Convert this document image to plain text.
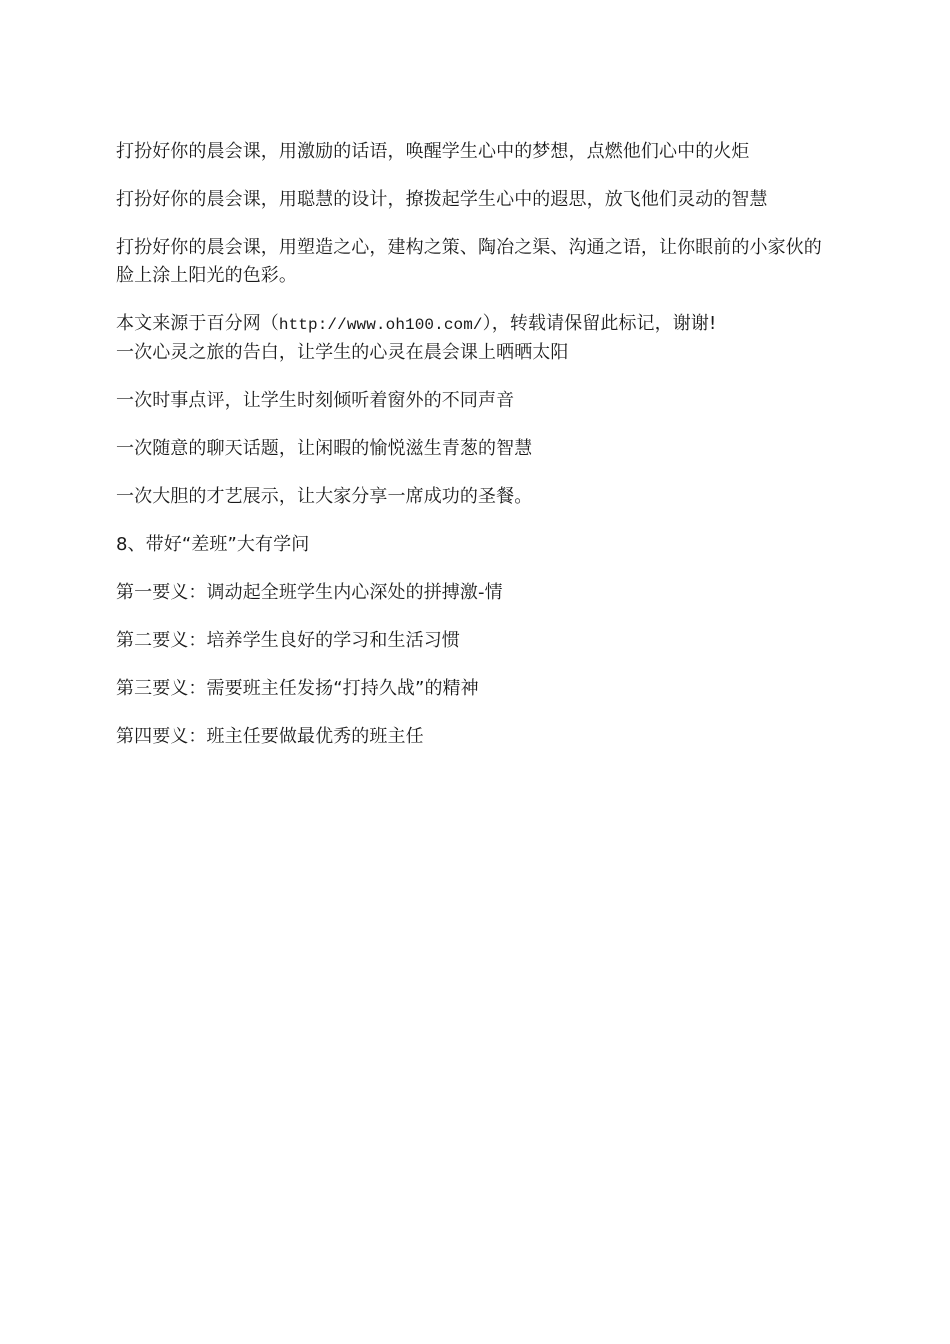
打扮好你的晨会课，用激励的话语，唤醒学生心中的梦想，点燃他们心中的火炬

打扮好你的晨会课，用聪慧的设计，撩拨起学生心中的遐思，放飞他们灵动的智慧

打扮好你的晨会课，用塑造之心，建构之策、陶冶之渠、沟通之语，让你眼前的小家伙的脸上涂上阳光的色彩。

本文来源于百分网（http://www.oh100.com/），转载请保留此标记，谢谢!

一次心灵之旅的告白，让学生的心灵在晨会课上晒晒太阳

一次时事点评，让学生时刻倾听着窗外的不同声音

一次随意的聊天话题，让闲暇的愉悦滋生青葱的智慧

一次大胆的才艺展示，让大家分享一席成功的圣餐。

8、带好“差班”大有学问

第一要义：调动起全班学生内心深处的拼搏激-情

第二要义：培养学生良好的学习和生活习惯

第三要义：需要班主任发扬“打持久战”的精神

第四要义：班主任要做最优秀的班主任
